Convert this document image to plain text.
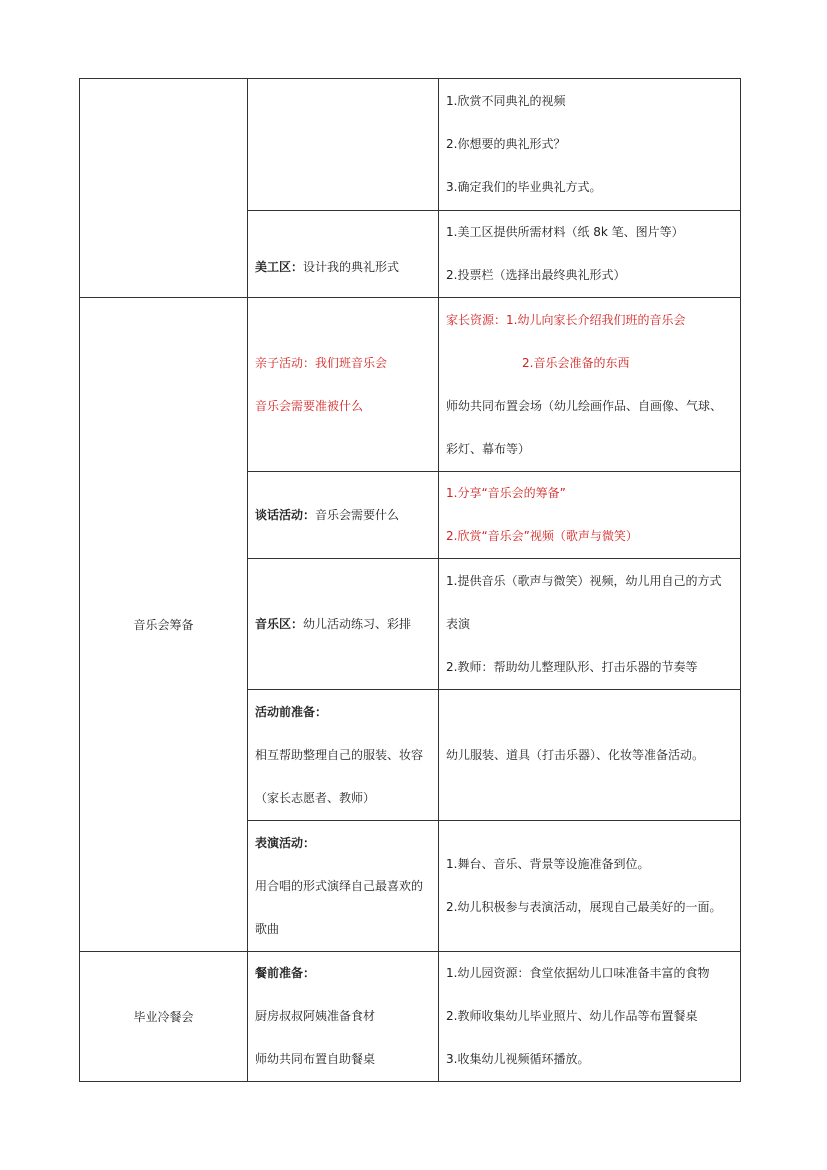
		1.欣赏不同典礼的视频
2.你想要的典礼形式？
3.确定我们的毕业典礼方式。

	美工区：设计我的典礼形式	1.美工区提供所需材料（纸 8k 笔、图片等）
2.投票栏（选择出最终典礼形式）

音乐会筹备	亲子活动：我们班音乐会
音乐会需要准被什么	家长资源：1.幼儿向家长介绍我们班的音乐会
2.音乐会准备的东西
师幼共同布置会场（幼儿绘画作品、自画像、气球、彩灯、幕布等）

	谈话活动：音乐会需要什么	1.分享“音乐会的筹备”
2.欣赏“音乐会”视频（歌声与微笑）

	音乐区：幼儿活动练习、彩排	1.提供音乐（歌声与微笑）视频，幼儿用自己的方式表演
2.教师：帮助幼儿整理队形、打击乐器的节奏等

	活动前准备：
相互帮助整理自己的服装、妆容
（家长志愿者、教师）	幼儿服装、道具（打击乐器）、化妆等准备活动。

	表演活动：
用合唱的形式演绎自己最喜欢的歌曲	1.舞台、音乐、背景等设施准备到位。
2.幼儿积极参与表演活动，展现自己最美好的一面。

毕业冷餐会	餐前准备：
厨房叔叔阿姨准备食材
师幼共同布置自助餐桌	1.幼儿园资源：食堂依据幼儿口味准备丰富的食物
2.教师收集幼儿毕业照片、幼儿作品等布置餐桌
3.收集幼儿视频循环播放。
